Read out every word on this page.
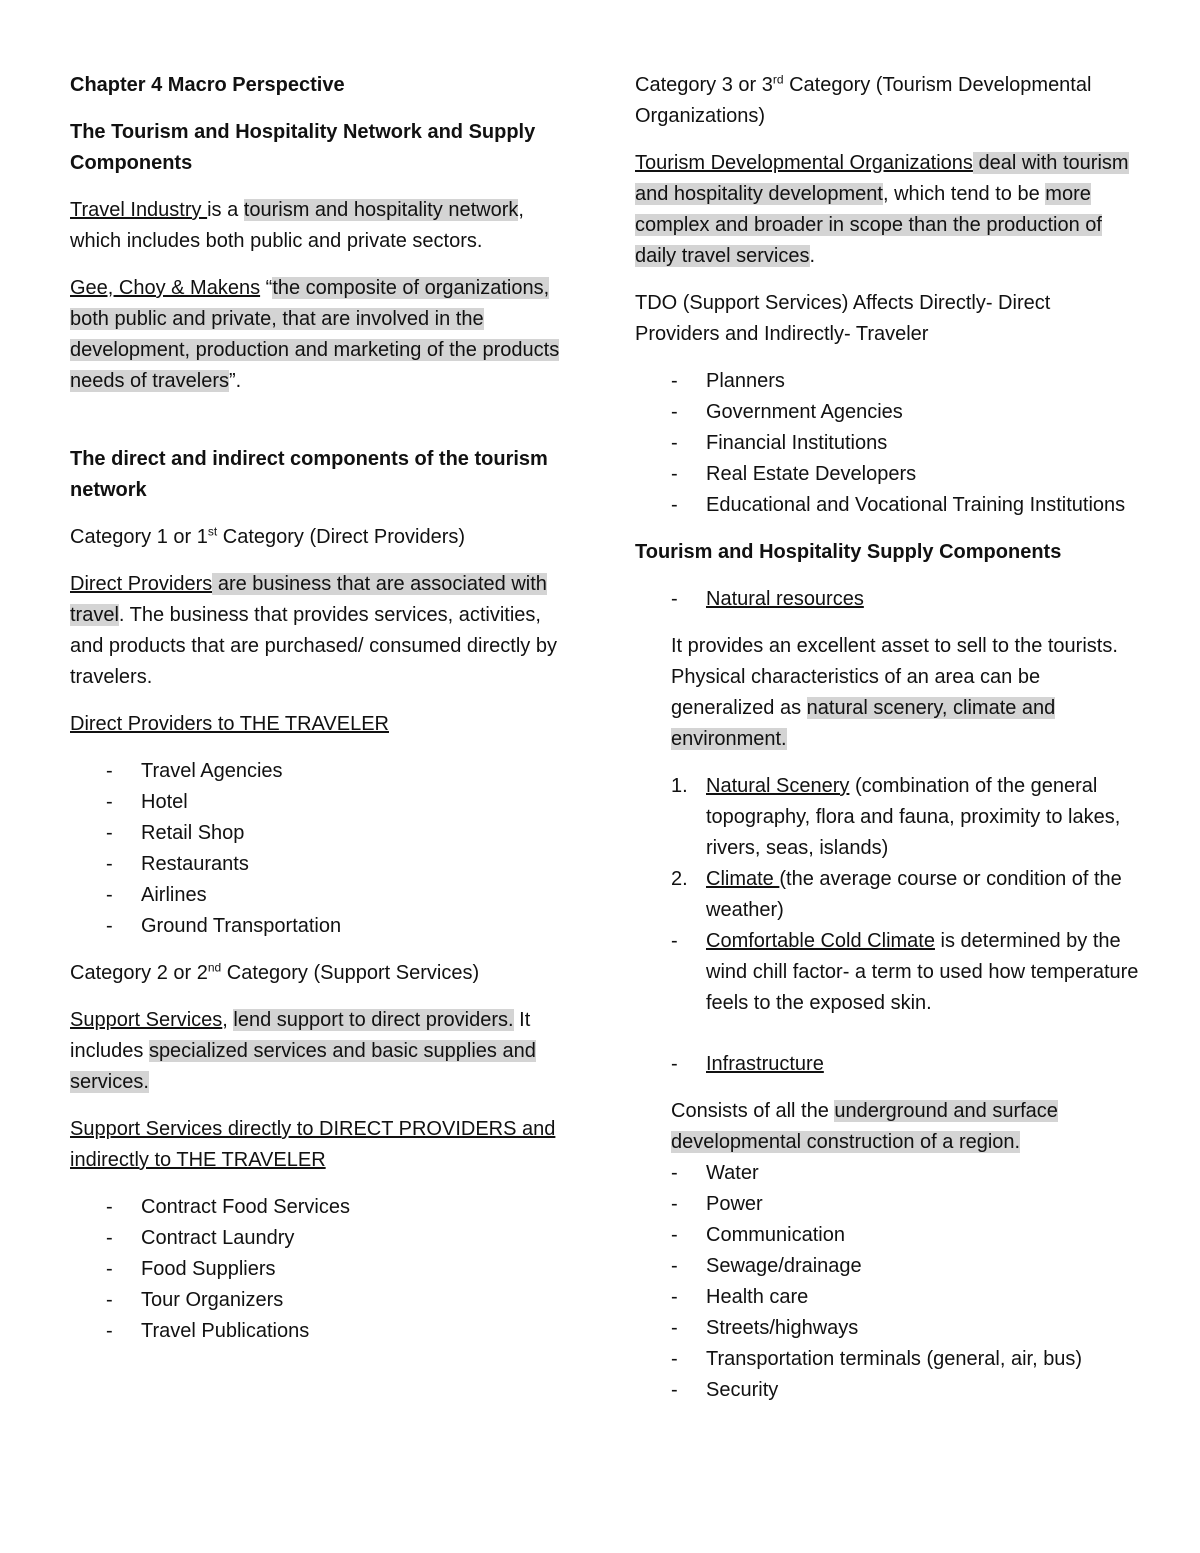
Chapter 4 Macro Perspective

The Tourism and Hospitality Network and Supply Components

Travel Industry is a tourism and hospitality network, which includes both public and private sectors.

Gee, Choy & Makens “the composite of organizations, both public and private, that are involved in the development, production and marketing of the products needs of travelers”.

The direct and indirect components of the tourism network

Category 1 or 1st Category (Direct Providers)

Direct Providers are business that are associated with travel. The business that provides services, activities, and products that are purchased/ consumed directly by travelers.

Direct Providers to THE TRAVELER

- Travel Agencies
- Hotel
- Retail Shop
- Restaurants
- Airlines
- Ground Transportation

Category 2 or 2nd Category (Support Services)

Support Services, lend support to direct providers. It includes specialized services and basic supplies and services.

Support Services directly to DIRECT PROVIDERS and indirectly to THE TRAVELER

- Contract Food Services
- Contract Laundry
- Food Suppliers
- Tour Organizers
- Travel Publications

Category 3 or 3rd Category (Tourism Developmental Organizations)

Tourism Developmental Organizations deal with tourism and hospitality development, which tend to be more complex and broader in scope than the production of daily travel services.

TDO (Support Services) Affects Directly- Direct Providers and Indirectly- Traveler

- Planners
- Government Agencies
- Financial Institutions
- Real Estate Developers
- Educational and Vocational Training Institutions

Tourism and Hospitality Supply Components

- Natural resources

It provides an excellent asset to sell to the tourists. Physical characteristics of an area can be generalized as natural scenery, climate and environment.

1. Natural Scenery (combination of the general topography, flora and fauna, proximity to lakes, rivers, seas, islands)
2. Climate (the average course or condition of the weather)
- Comfortable Cold Climate is determined by the wind chill factor- a term to used how temperature feels to the exposed skin.
- Infrastructure

Consists of all the underground and surface developmental construction of a region.

- Water
- Power
- Communication
- Sewage/drainage
- Health care
- Streets/highways
- Transportation terminals (general, air, bus)
- Security
